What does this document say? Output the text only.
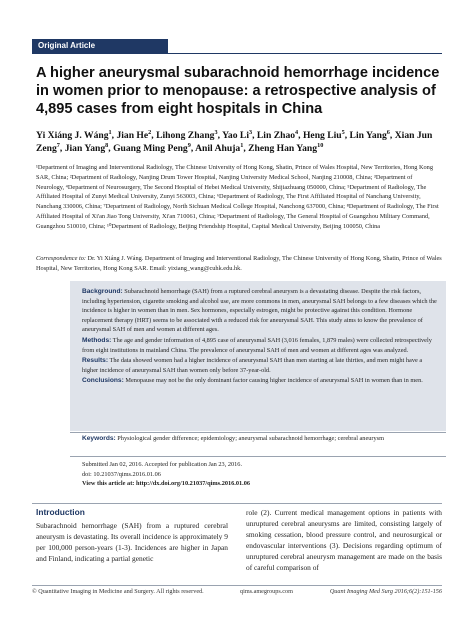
Original Article
A higher aneurysmal subarachnoid hemorrhage incidence in women prior to menopause: a retrospective analysis of 4,895 cases from eight hospitals in China
Yi Xiáng J. Wáng$^1$, Jian He$^2$, Lihong Zhang$^3$, Yao Li$^3$, Lin Zhao$^4$, Heng Liu$^5$, Lin Yang$^6$, Xian Jun Zeng$^7$, Jian Yang$^8$, Guang Ming Peng$^9$, Anil Ahuja$^1$, Zheng Han Yang$^{10}$
¹Department of Imaging and Interventional Radiology, The Chinese University of Hong Kong, Shatin, Prince of Wales Hospital, New Territories, Hong Kong SAR, China; ²Department of Radiology, Nanjing Drum Tower Hospital, Nanjing University Medical School, Nanjing 210008, China; ³Department of Neurology, ⁴Department of Neurosurgery, The Second Hospital of Hebei Medical University, Shijiazhuang 050000, China; ⁵Department of Radiology, The Affiliated Hospital of Zunyi Medical University, Zunyi 563003, China; ⁶Department of Radiology, The First Affiliated Hospital of Nanchang University, Nanchang 330006, China; ⁷Department of Radiology, North Sichuan Medical College Hospital, Nanchong 637000, China; ⁸Department of Radiology, The First Affiliated Hospital of Xi'an Jiao Tong University, Xi'an 710061, China; ⁹Department of Radiology, The General Hospital of Guangzhou Military Command, Guangzhou 510010, China; ¹⁰Department of Radiology, Beijing Friendship Hospital, Capital Medical University, Beijing 100050, China
Correspondence to: Dr. Yi Xiáng J. Wáng. Department of Imaging and Interventional Radiology, The Chinese University of Hong Kong, Shatin, Prince of Wales Hospital, New Territories, Hong Kong SAR. Email: yixiang_wang@cuhk.edu.hk.

Background: Subarachnoid hemorrhage (SAH) from a ruptured cerebral aneurysm is a devastating disease. Despite the risk factors, including hypertension, cigarette smoking and alcohol use, are more commons in men, aneurysmal SAH belongs to a few diseases which the incidence is higher in women than in men. Sex hormones, especially estrogen, might be protective against this condition. Hormone replacement therapy (HRT) seems to be associated with a reduced risk for aneurysmal SAH. This study aims to know the prevalence of aneurysmal SAH of men and women at different ages.

Methods: The age and gender information of 4,895 case of aneurysmal SAH (3,016 females, 1,879 males) were collected retrospectively from eight institutions in mainland China. The prevalence of aneurysmal SAH of men and women at different ages was analyzed.

Results: The data showed women had a higher incidence of aneurysmal SAH than men starting at late thirties, and men might have a higher incidence of aneurysmal SAH than women only before 37-year-old.

Conclusions: Menopause may not be the only dominant factor causing higher incidence of aneurysmal SAH in women than in men.

Keywords: Physiological gender difference; epidemiology; aneurysmal subarachnoid hemorrhage; cerebral aneurysm
Submitted Jan 02, 2016. Accepted for publication Jan 23, 2016.
doi: 10.21037/qims.2016.01.06
View this article at: http://dx.doi.org/10.21037/qims.2016.01.06
Introduction
Subarachnoid hemorrhage (SAH) from a ruptured cerebral aneurysm is devastating. Its overall incidence is approximately 9 per 100,000 person-years (1-3). Incidences are higher in Japan and Finland, indicating a partial genetic
role (2). Current medical management options in patients with unruptured cerebral aneurysms are limited, consisting largely of smoking cessation, blood pressure control, and neurosurgical or endovascular interventions (3). Decisions regarding optimum of unruptured cerebral aneurysm management are made on the basis of careful comparison of
© Quantitative Imaging in Medicine and Surgery. All rights reserved.	qims.amegroups.com	Quant Imaging Med Surg 2016;6(2):151-156
